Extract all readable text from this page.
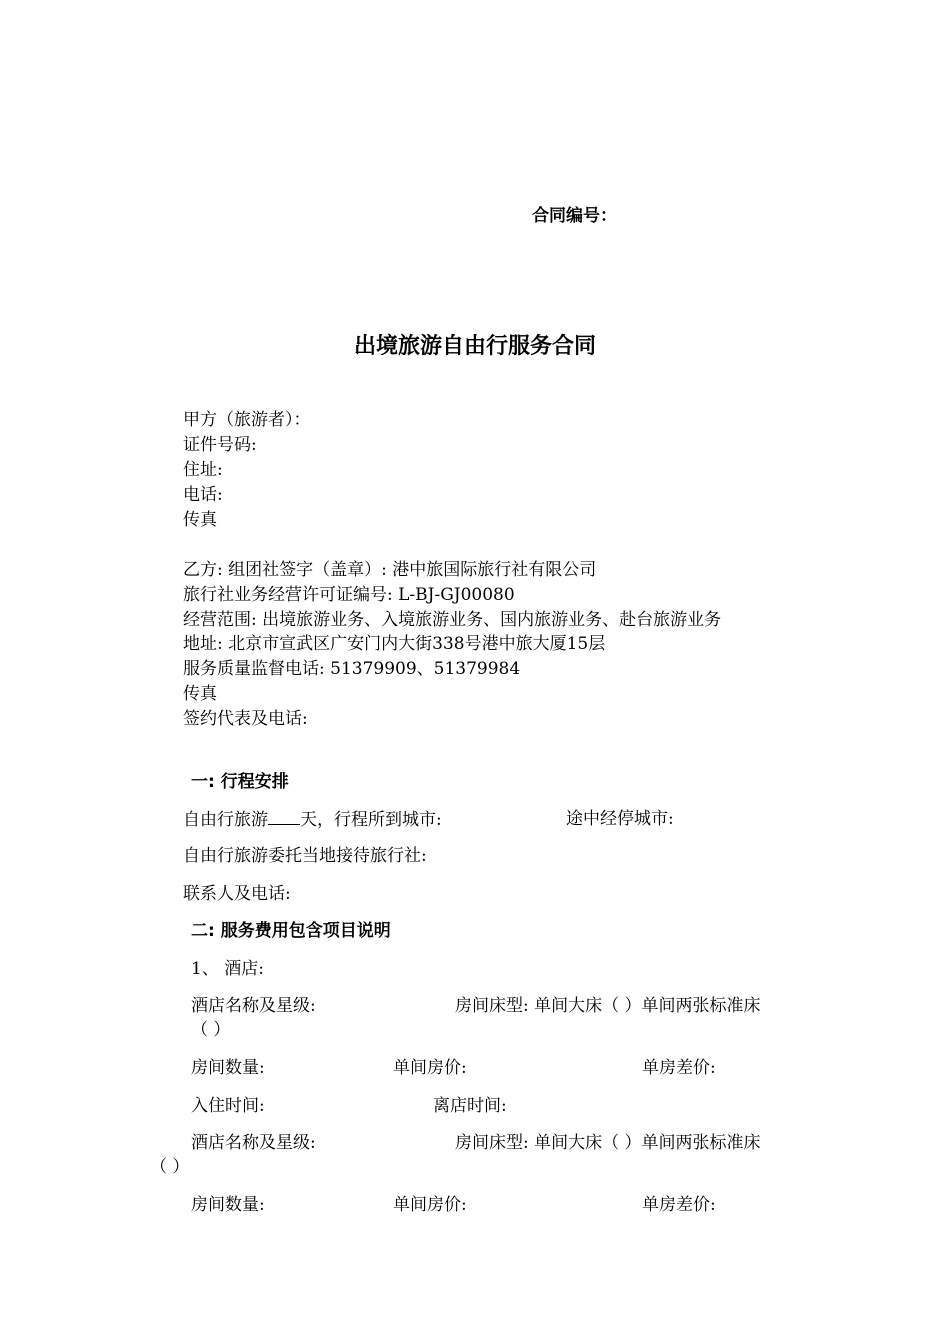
合同编号：
出境旅游自由行服务合同
甲方（旅游者）：
证件号码:
住址:
电话:
传真
乙方: 组团社签字（盖章）: 港中旅国际旅行社有限公司
旅行社业务经营许可证编号: L-BJ-GJ00080
经营范围: 出境旅游业务、入境旅游业务、国内旅游业务、赴台旅游业务
地址: 北京市宣武区广安门内大街338号港中旅大厦15层
服务质量监督电话: 51379909、51379984
传真
签约代表及电话:
一: 行程安排
自由行旅游 天，行程所到城市:	途中经停城市:
自由行旅游委托当地接待旅行社:
联系人及电话:
二: 服务费用包含项目说明
1、 酒店:
酒店名称及星级:	房间床型: 单间大床（ ）单间两张标准床
（ ）
房间数量:	单间房价:	单房差价:
入住时间:	离店时间:
酒店名称及星级:	房间床型: 单间大床（ ）单间两张标准床
（ ）
房间数量:	单间房价:	单房差价:
